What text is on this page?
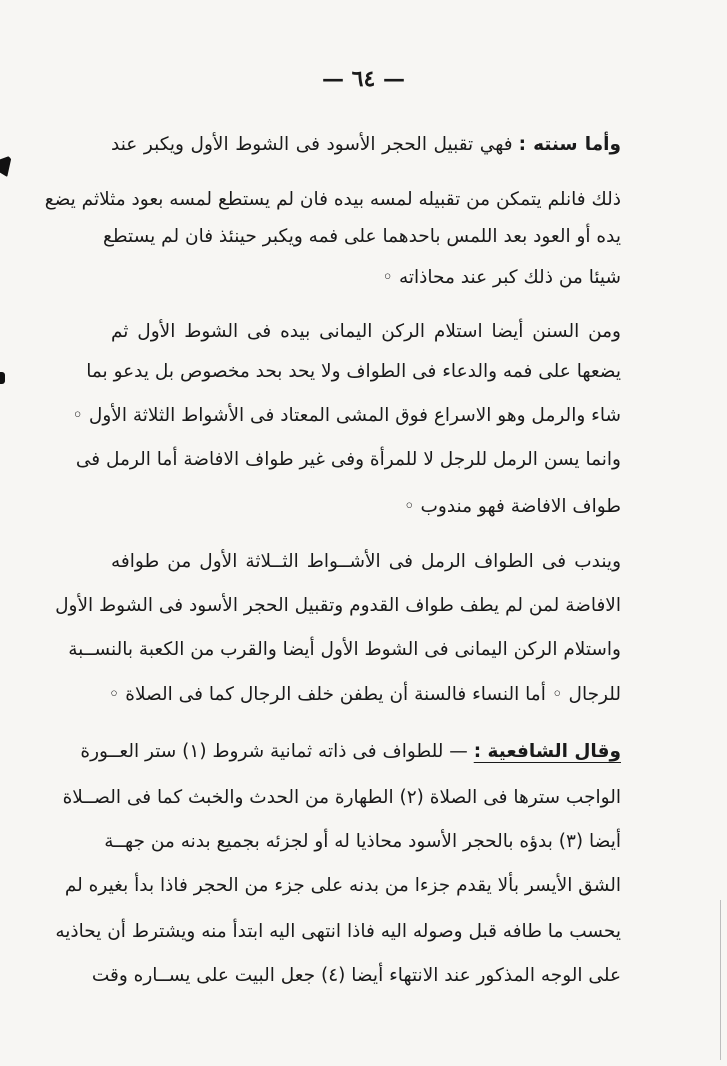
— ٦٤ —
وأما سنته :فهي تقبيل الحجر الأسود فى الشوط الأول ويكبر عند
ذلك فانلم يتمكن من تقبيله لمسه بيده فان لم يستطع لمسه بعود مثلاثم يضع
يده أو العود بعد اللمس باحدهما على فمه ويكبر حينئذ فان لم يستطع
شيئا من ذلك كبر عند محاذاته ◦
ومن السنن أيضا استلام الركن اليمانى بيده فى الشوط الأول ثم
يضعها على فمه والدعاء فى الطواف ولا يحد بحد مخصوص بل يدعو بما
شاء والرمل وهو الاسراع فوق المشى المعتاد فى الأشواط الثلاثة الأول ◦
وانما يسن الرمل للرجل لا للمرأة وفى غير طواف الافاضة أما الرمل فى
طواف الافاضة فهو مندوب ◦
ويندب فى الطواف الرمل فى الأشــواط الثــلاثة الأول من طوافه
الافاضة لمن لم يطف طواف القدوم وتقبيل الحجر الأسود فى الشوط الأول
واستلام الركن اليمانى فى الشوط الأول أيضا والقرب من الكعبة بالنســبة
للرجال ◦ أما النساء فالسنة أن يطفن خلف الرجال كما فى الصلاة ◦
وقال الشافعية :— للطواف فى ذاته ثمانية شروط (١) ستر العــورة
الواجب سترها فى الصلاة (٢) الطهارة من الحدث والخبث كما فى الصــلاة
أيضا (٣) بدؤه بالحجر الأسود محاذيا له أو لجزئه بجميع بدنه من جهــة
الشق الأيسر بألا يقدم جزءا من بدنه على جزء من الحجر فاذا بدأ بغيره لم
يحسب ما طافه قبل وصوله اليه فاذا انتهى اليه ابتدأ منه ويشترط أن يحاذيه
على الوجه المذكور عند الانتهاء أيضا (٤) جعل البيت على يســاره وقت
